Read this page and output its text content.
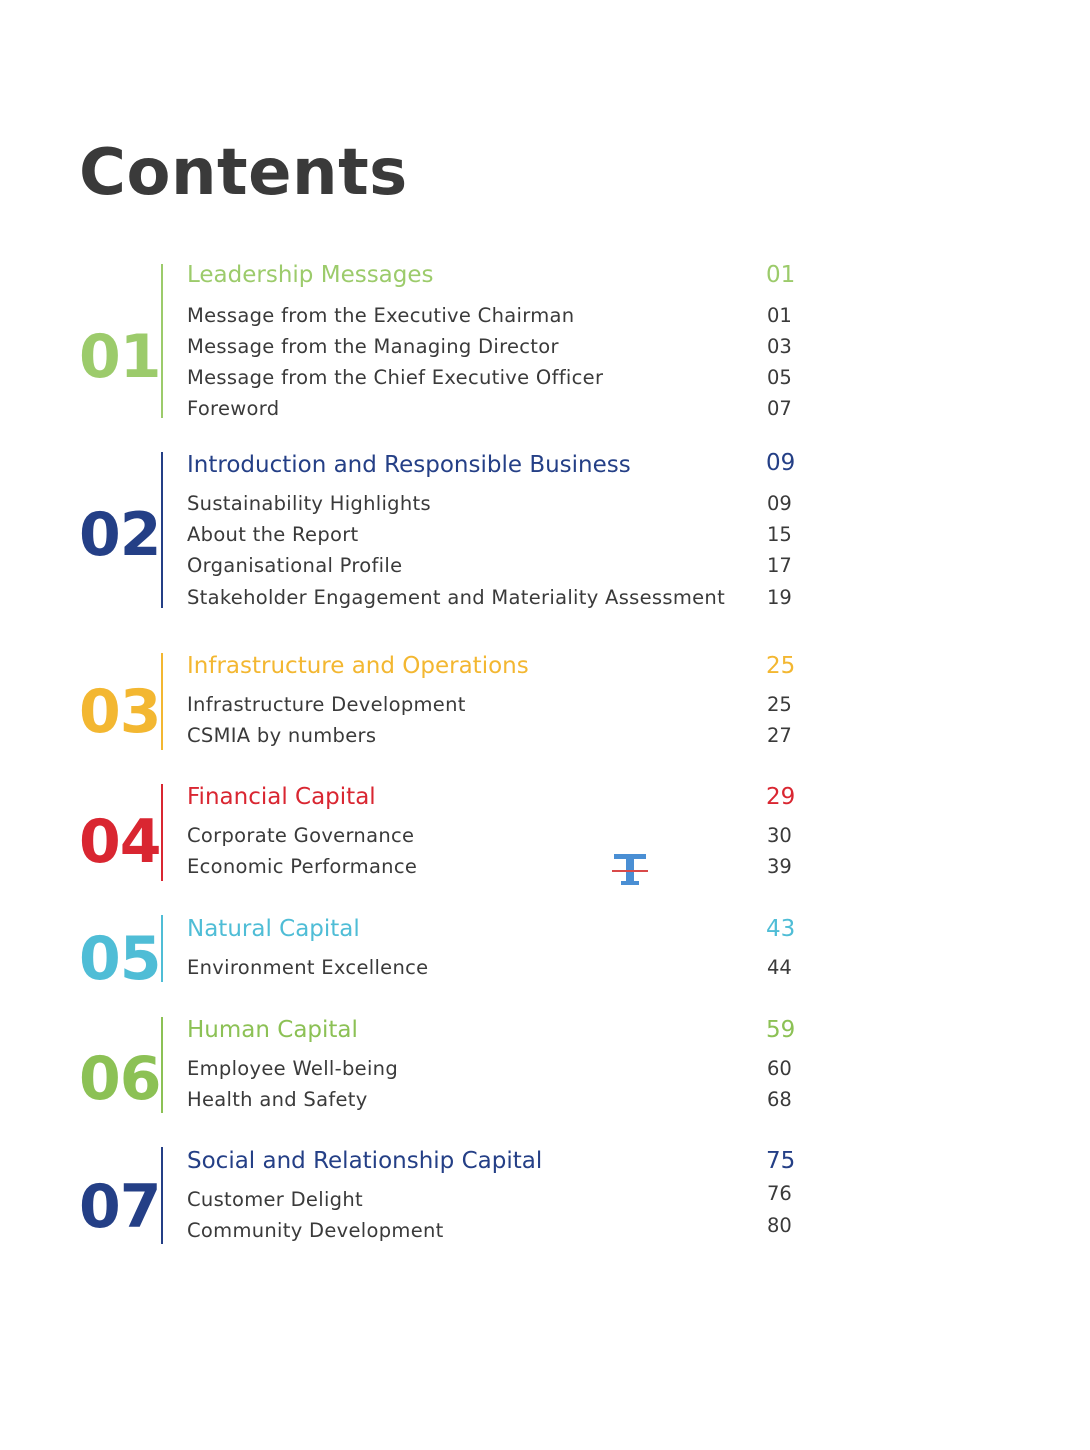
Contents
01
Leadership Messages	01
Message from the Executive Chairman	01
Message from the Managing Director	03
Message from the Chief Executive Officer	05
Foreword	07
02
Introduction and Responsible Business	09
Sustainability Highlights	09
About the Report	15
Organisational Profile	17
Stakeholder Engagement and Materiality Assessment 19
03
Infrastructure and Operations	25
Infrastructure Development	25
CSMIA by numbers	27
04
Financial Capital	29
Corporate Governance	30
Economic Performance	39
05 Natural Capital	43
Environment Excellence	44
06
Human Capital	59
Employee Well-being	60
Health and Safety	68
07
Social and Relationship Capital	75
Customer Delight	76
Community Development	80
